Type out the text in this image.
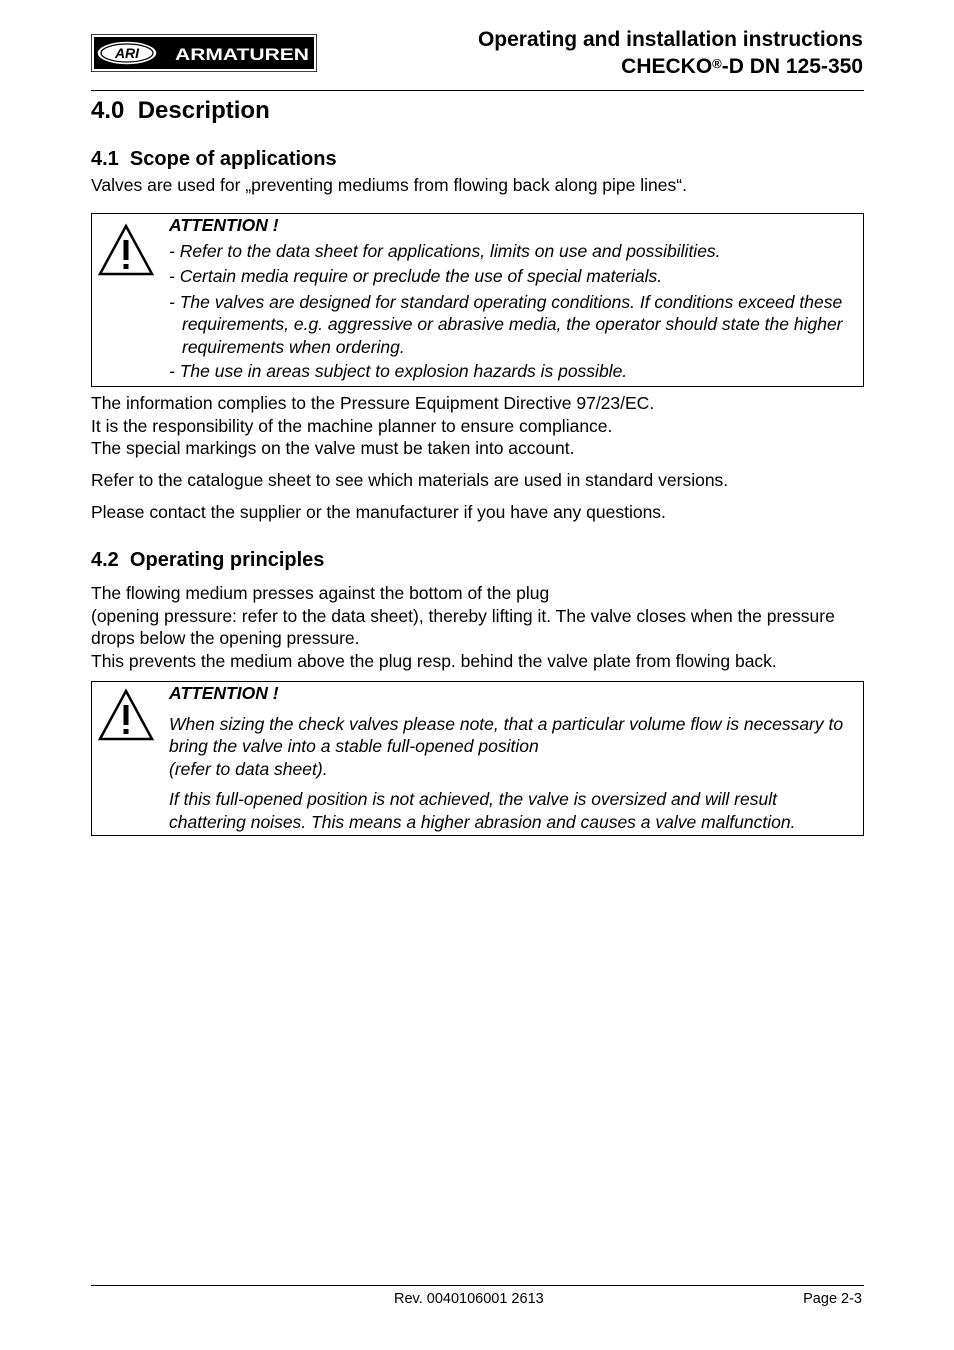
ARI ARMATUREN
Operating and installation instructions
CHECKO®-D DN 125-350
4.0  Description
4.1  Scope of applications

Valves are used for „preventing mediums from flowing back along pipe lines“.

ATTENTION !

- Refer to the data sheet for applications, limits on use and possibilities.

- Certain media require or preclude the use of special materials.

- The valves are designed for standard operating conditions. If conditions exceed these requirements, e.g. aggressive or abrasive media, the operator should state the higher requirements when ordering.

- The use in areas subject to explosion hazards is possible.

The information complies to the Pressure Equipment Directive 97/23/EC.
It is the responsibility of the machine planner to ensure compliance.
The special markings on the valve must be taken into account.

Refer to the catalogue sheet to see which materials are used in standard versions.

Please contact the supplier or the manufacturer if you have any questions.

4.2  Operating principles
The flowing medium presses against the bottom of the plug
(opening pressure: refer to the data sheet), thereby lifting it. The valve closes when the pressure drops below the opening pressure.
This prevents the medium above the plug resp. behind the valve plate from flowing back.
ATTENTION !
When sizing the check valves please note, that a particular volume flow is necessary to bring the valve into a stable full-opened position
(refer to data sheet).

If this full-opened position is not achieved, the valve is oversized and will result chattering noises. This means a higher abrasion and causes a valve malfunction.

Rev. 0040106001 2613	Page 2-3
